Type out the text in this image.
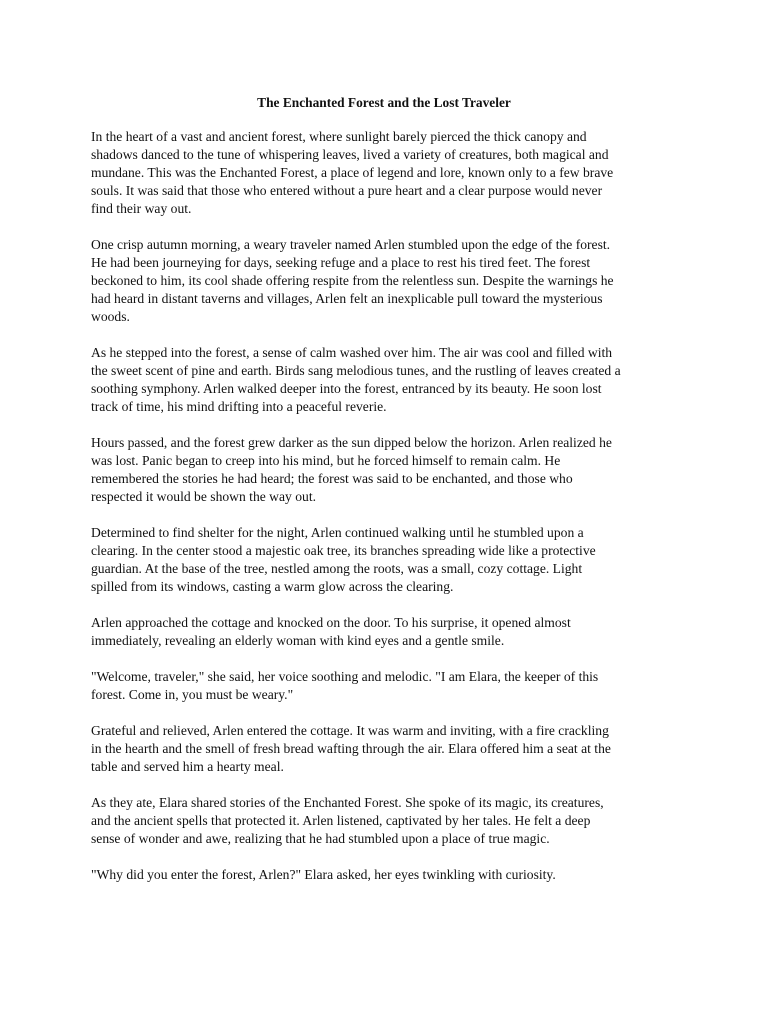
The Enchanted Forest and the Lost Traveler

In the heart of a vast and ancient forest, where sunlight barely pierced the thick canopy and
shadows danced to the tune of whispering leaves, lived a variety of creatures, both magical and
mundane. This was the Enchanted Forest, a place of legend and lore, known only to a few brave
souls. It was said that those who entered without a pure heart and a clear purpose would never
find their way out.

One crisp autumn morning, a weary traveler named Arlen stumbled upon the edge of the forest.
He had been journeying for days, seeking refuge and a place to rest his tired feet. The forest
beckoned to him, its cool shade offering respite from the relentless sun. Despite the warnings he
had heard in distant taverns and villages, Arlen felt an inexplicable pull toward the mysterious
woods.

As he stepped into the forest, a sense of calm washed over him. The air was cool and filled with
the sweet scent of pine and earth. Birds sang melodious tunes, and the rustling of leaves created a
soothing symphony. Arlen walked deeper into the forest, entranced by its beauty. He soon lost
track of time, his mind drifting into a peaceful reverie.

Hours passed, and the forest grew darker as the sun dipped below the horizon. Arlen realized he
was lost. Panic began to creep into his mind, but he forced himself to remain calm. He
remembered the stories he had heard; the forest was said to be enchanted, and those who
respected it would be shown the way out.

Determined to find shelter for the night, Arlen continued walking until he stumbled upon a
clearing. In the center stood a majestic oak tree, its branches spreading wide like a protective
guardian. At the base of the tree, nestled among the roots, was a small, cozy cottage. Light
spilled from its windows, casting a warm glow across the clearing.

Arlen approached the cottage and knocked on the door. To his surprise, it opened almost
immediately, revealing an elderly woman with kind eyes and a gentle smile.

"Welcome, traveler," she said, her voice soothing and melodic. "I am Elara, the keeper of this
forest. Come in, you must be weary."

Grateful and relieved, Arlen entered the cottage. It was warm and inviting, with a fire crackling
in the hearth and the smell of fresh bread wafting through the air. Elara offered him a seat at the
table and served him a hearty meal.

As they ate, Elara shared stories of the Enchanted Forest. She spoke of its magic, its creatures,
and the ancient spells that protected it. Arlen listened, captivated by her tales. He felt a deep
sense of wonder and awe, realizing that he had stumbled upon a place of true magic.

"Why did you enter the forest, Arlen?" Elara asked, her eyes twinkling with curiosity.
